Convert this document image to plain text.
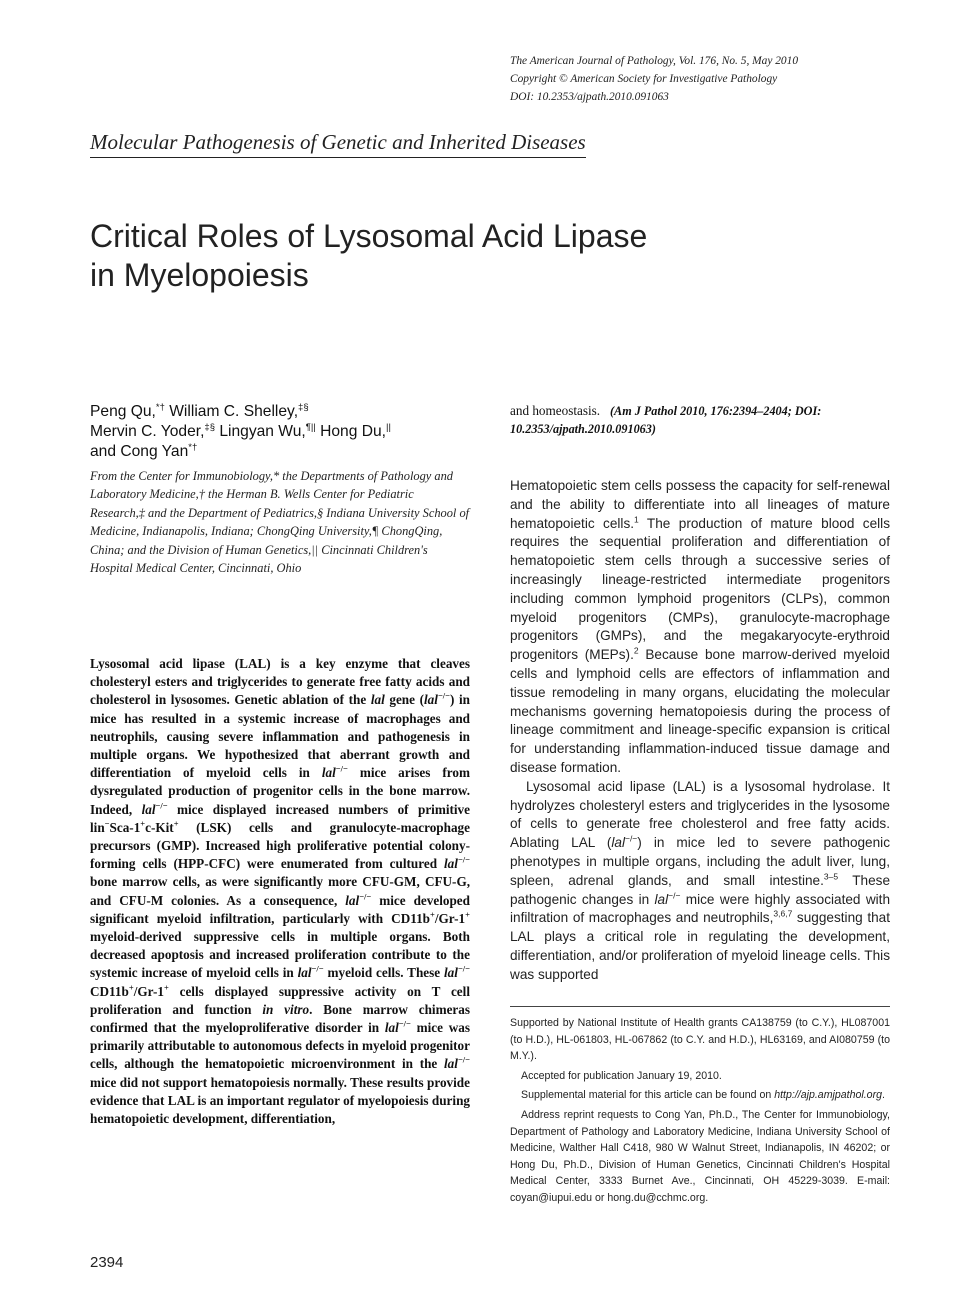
The American Journal of Pathology, Vol. 176, No. 5, May 2010
Copyright © American Society for Investigative Pathology
DOI: 10.2353/ajpath.2010.091063
Molecular Pathogenesis of Genetic and Inherited Diseases
Critical Roles of Lysosomal Acid Lipase
in Myelopoiesis
Peng Qu,*† William C. Shelley,‡§
Mervin C. Yoder,‡§ Lingyan Wu,¶|| Hong Du,||
and Cong Yan*†
From the Center for Immunobiology,* the Departments of Pathology and Laboratory Medicine,† the Herman B. Wells Center for Pediatric Research,‡ and the Department of Pediatrics,§ Indiana University School of Medicine, Indianapolis, Indiana; ChongQing University,¶ ChongQing, China; and the Division of Human Genetics,|| Cincinnati Children's Hospital Medical Center, Cincinnati, Ohio

Lysosomal acid lipase (LAL) is a key enzyme that cleaves cholesteryl esters and triglycerides to generate free fatty acids and cholesterol in lysosomes. Genetic ablation of the lal gene (lal−/−) in mice has resulted in a systemic increase of macrophages and neutrophils, causing severe inflammation and pathogenesis in multiple organs. We hypothesized that aberrant growth and differentiation of myeloid cells in lal−/− mice arises from dysregulated production of progenitor cells in the bone marrow. Indeed, lal−/− mice displayed increased numbers of primitive lin−Sca-1+c-Kit+ (LSK) cells and granulocyte-macrophage precursors (GMP). Increased high proliferative potential colony-forming cells (HPP-CFC) were enumerated from cultured lal−/− bone marrow cells, as were significantly more CFU-GM, CFU-G, and CFU-M colonies. As a consequence, lal−/− mice developed significant myeloid infiltration, particularly with CD11b+/Gr-1+ myeloid-derived suppressive cells in multiple organs. Both decreased apoptosis and increased proliferation contribute to the systemic increase of myeloid cells in lal−/− myeloid cells. These lal−/− CD11b+/Gr-1+ cells displayed suppressive activity on T cell proliferation and function in vitro. Bone marrow chimeras confirmed that the myeloproliferative disorder in lal−/− mice was primarily attributable to autonomous defects in myeloid progenitor cells, although the hematopoietic microenvironment in the lal−/− mice did not support hematopoiesis normally. These results provide evidence that LAL is an important regulator of myelopoiesis during hematopoietic development, differentiation,

and homeostasis. (Am J Pathol 2010, 176:2394–2404; DOI: 10.2353/ajpath.2010.091063)

Hematopoietic stem cells possess the capacity for self-renewal and the ability to differentiate into all lineages of mature hematopoietic cells.$^1$ The production of mature blood cells requires the sequential proliferation and differentiation of hematopoietic stem cells through a successive series of increasingly lineage-restricted intermediate progenitors including common lymphoid progenitors (CLPs), common myeloid progenitors (CMPs), granulocyte-macrophage progenitors (GMPs), and the megakaryocyte-erythroid progenitors (MEPs).$^2$ Because bone marrow-derived myeloid cells and lymphoid cells are effectors of inflammation and tissue remodeling in many organs, elucidating the molecular mechanisms governing hematopoiesis during the process of lineage commitment and lineage-specific expansion is critical for understanding inflammation-induced tissue damage and disease formation.

Lysosomal acid lipase (LAL) is a lysosomal hydrolase. It hydrolyzes cholesteryl esters and triglycerides in the lysosome of cells to generate free cholesterol and free fatty acids. Ablating LAL (lal−/−) in mice led to severe pathogenic phenotypes in multiple organs, including the adult liver, lung, spleen, adrenal glands, and small intestine.$^{3-5}$ These pathogenic changes in lal−/− mice were highly associated with infiltration of macrophages and neutrophils,$^{3,6,7}$ suggesting that LAL plays a critical role in regulating the development, differentiation, and/or proliferation of myeloid lineage cells. This was supported

Supported by National Institute of Health grants CA138759 (to C.Y.), HL087001 (to H.D.), HL-061803, HL-067862 (to C.Y. and H.D.), HL63169, and AI080759 (to M.Y.).

Accepted for publication January 19, 2010.

Supplemental material for this article can be found on http://ajp.amjpathol.org.

Address reprint requests to Cong Yan, Ph.D., The Center for Immunobiology, Department of Pathology and Laboratory Medicine, Indiana University School of Medicine, Walther Hall C418, 980 W Walnut Street, Indianapolis, IN 46202; or Hong Du, Ph.D., Division of Human Genetics, Cincinnati Children's Hospital Medical Center, 3333 Burnet Ave., Cincinnati, OH 45229-3039. E-mail: coyan@iupui.edu or hong.du@cchmc.org.

2394
